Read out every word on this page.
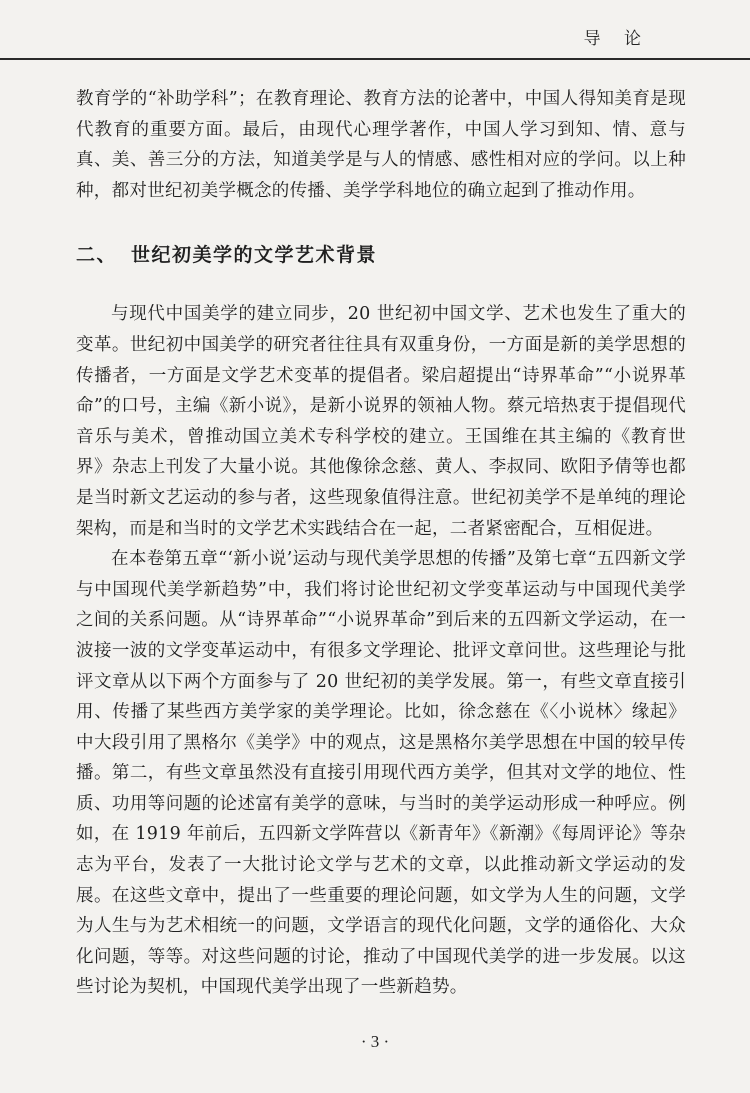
导 论

教育学的“补助学科”；在教育理论、教育方法的论著中，中国人得知美育是现代教育的重要方面。最后，由现代心理学著作，中国人学习到知、情、意与真、美、善三分的方法，知道美学是与人的情感、感性相对应的学问。以上种种，都对世纪初美学概念的传播、美学学科地位的确立起到了推动作用。

二、 世纪初美学的文学艺术背景

与现代中国美学的建立同步，20 世纪初中国文学、艺术也发生了重大的变革。世纪初中国美学的研究者往往具有双重身份，一方面是新的美学思想的传播者，一方面是文学艺术变革的提倡者。梁启超提出“诗界革命”“小说界革命”的口号，主编《新小说》，是新小说界的领袖人物。蔡元培热衷于提倡现代音乐与美术，曾推动国立美术专科学校的建立。王国维在其主编的《教育世界》杂志上刊发了大量小说。其他像徐念慈、黄人、李叔同、欧阳予倩等也都是当时新文艺运动的参与者，这些现象值得注意。世纪初美学不是单纯的理论架构，而是和当时的文学艺术实践结合在一起，二者紧密配合，互相促进。

在本卷第五章“‘新小说’运动与现代美学思想的传播”及第七章“五四新文学与中国现代美学新趋势”中，我们将讨论世纪初文学变革运动与中国现代美学之间的关系问题。从“诗界革命”“小说界革命”到后来的五四新文学运动，在一波接一波的文学变革运动中，有很多文学理论、批评文章问世。这些理论与批评文章从以下两个方面参与了 20 世纪初的美学发展。第一，有些文章直接引用、传播了某些西方美学家的美学理论。比如，徐念慈在《〈小说林〉缘起》中大段引用了黑格尔《美学》中的观点，这是黑格尔美学思想在中国的较早传播。第二，有些文章虽然没有直接引用现代西方美学，但其对文学的地位、性质、功用等问题的论述富有美学的意味，与当时的美学运动形成一种呼应。例如，在 1919 年前后，五四新文学阵营以《新青年》《新潮》《每周评论》等杂志为平台，发表了一大批讨论文学与艺术的文章，以此推动新文学运动的发展。在这些文章中，提出了一些重要的理论问题，如文学为人生的问题，文学为人生与为艺术相统一的问题，文学语言的现代化问题，文学的通俗化、大众化问题，等等。对这些问题的讨论，推动了中国现代美学的进一步发展。以这些讨论为契机，中国现代美学出现了一些新趋势。

· 3 ·
